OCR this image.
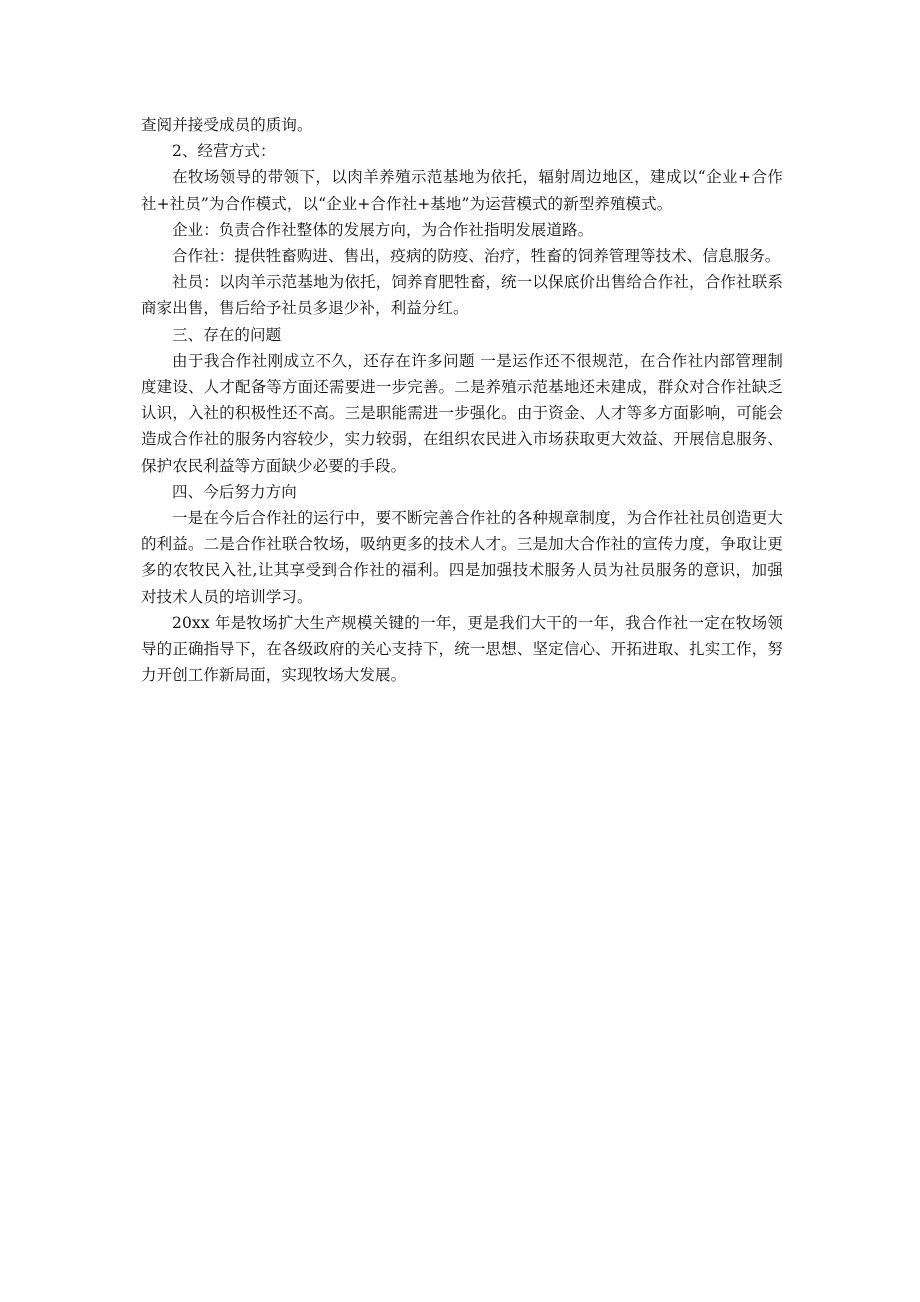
查阅并接受成员的质询。

2、经营方式：

在牧场领导的带领下，以肉羊养殖示范基地为依托，辐射周边地区，建成以“企业+合作社+社员”为合作模式，以“企业+合作社+基地”为运营模式的新型养殖模式。

企业：负责合作社整体的发展方向，为合作社指明发展道路。

合作社：提供牲畜购进、售出，疫病的防疫、治疗，牲畜的饲养管理等技术、信息服务。

社员：以肉羊示范基地为依托，饲养育肥牲畜，统一以保底价出售给合作社，合作社联系商家出售，售后给予社员多退少补，利益分红。

三、存在的问题

由于我合作社刚成立不久，还存在许多问题 一是运作还不很规范，在合作社内部管理制度建设、人才配备等方面还需要进一步完善。二是养殖示范基地还未建成，群众对合作社缺乏认识，入社的积极性还不高。三是职能需进一步强化。由于资金、人才等多方面影响，可能会造成合作社的服务内容较少，实力较弱，在组织农民进入市场获取更大效益、开展信息服务、保护农民利益等方面缺少必要的手段。

四、今后努力方向

一是在今后合作社的运行中，要不断完善合作社的各种规章制度，为合作社社员创造更大的利益。二是合作社联合牧场，吸纳更多的技术人才。三是加大合作社的宣传力度，争取让更多的农牧民入社,让其享受到合作社的福利。四是加强技术服务人员为社员服务的意识，加强对技术人员的培训学习。

20xx 年是牧场扩大生产规模关键的一年，更是我们大干的一年，我合作社一定在牧场领导的正确指导下，在各级政府的关心支持下，统一思想、坚定信心、开拓进取、扎实工作，努力开创工作新局面，实现牧场大发展。
